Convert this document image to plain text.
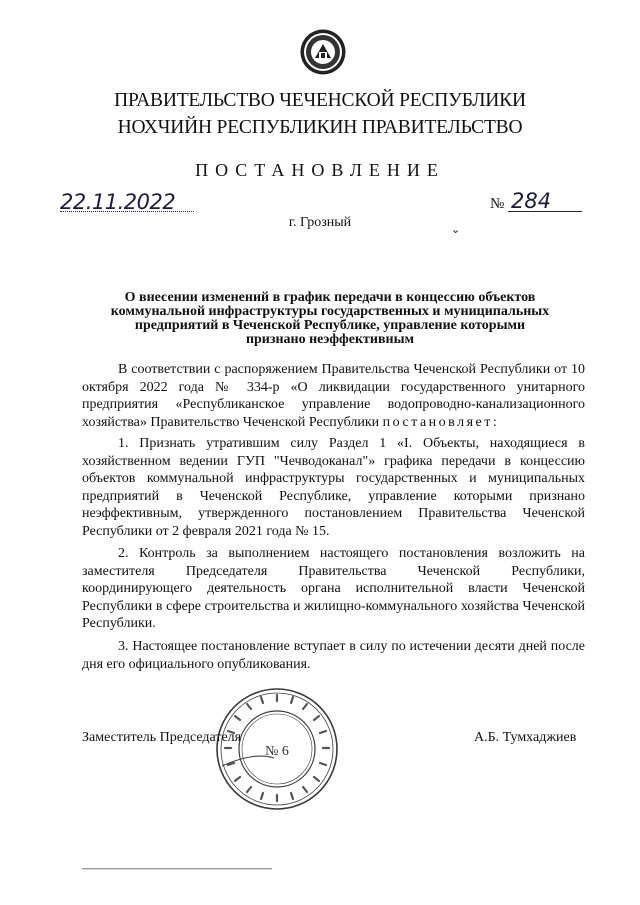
ПРАВИТЕЛЬСТВО ЧЕЧЕНСКОЙ РЕСПУБЛИКИ
НОХЧИЙН РЕСПУБЛИКИН ПРАВИТЕЛЬСТВО
ПОСТАНОВЛЕНИЕ
22.11.2022	№ 284
г. Грозный	⌄
О внесении изменений в график передачи в концессию объектов
коммунальной инфраструктуры государственных и муниципальных
предприятий в Чеченской Республике, управление которыми
признано неэффективным

В соответствии с распоряжением Правительства Чеченской Республики от 10 октября 2022 года № 334-р «О ликвидации государственного унитарного предприятия «Республиканское управление водопроводно-канализационного хозяйства» Правительство Чеченской Республики постановляет:

1. Признать утратившим силу Раздел 1 «I. Объекты, находящиеся в хозяйственном ведении ГУП "Чечводоканал"» графика передачи в концессию объектов коммунальной инфраструктуры государственных и муниципальных предприятий в Чеченской Республике, управление которыми признано неэффективным, утвержденного постановлением Правительства Чеченской Республики от 2 февраля 2021 года № 15.

2. Контроль за выполнением настоящего постановления возложить на заместителя Председателя Правительства Чеченской Республики, координирующего деятельность органа исполнительной власти Чеченской Республики в сфере строительства и жилищно-коммунального хозяйства Чеченской Республики.

3. Настоящее постановление вступает в силу по истечении десяти дней после дня его официального опубликования.

№ 6
Заместитель Председателя	А.Б. Тумхаджиев
